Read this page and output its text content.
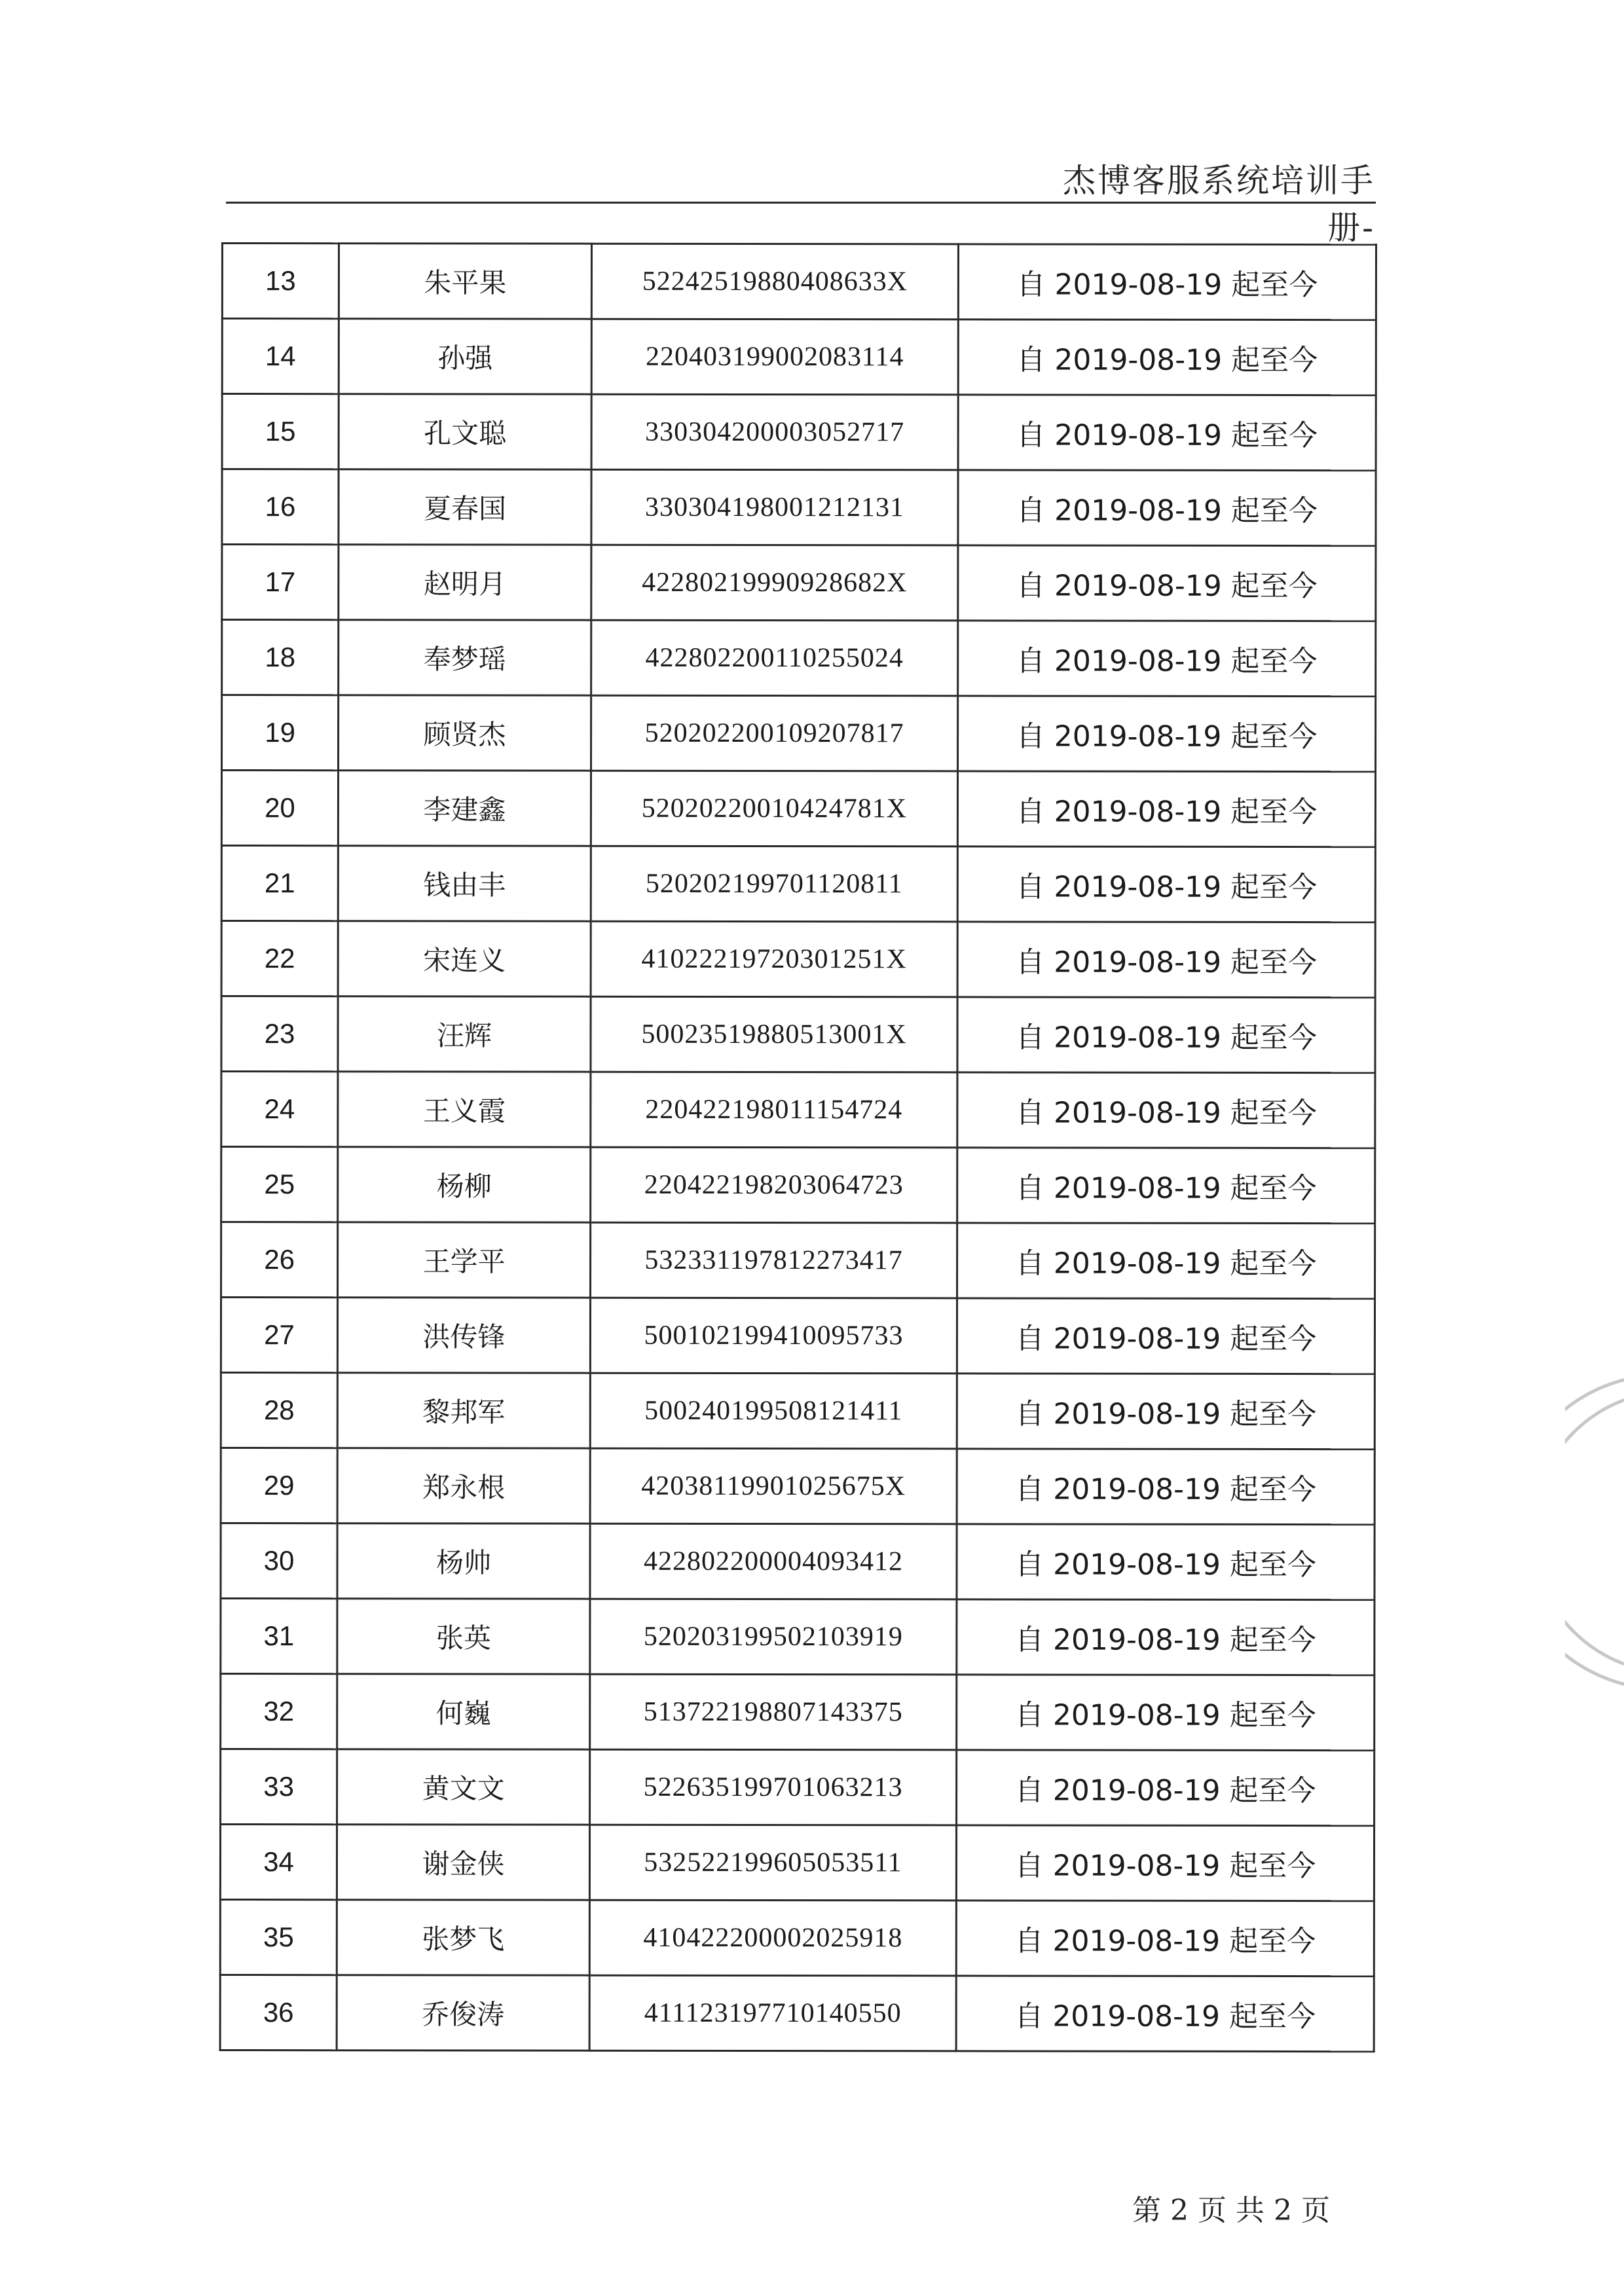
杰博客服系统培训手册-
13	朱平果	52242519880408633X	自 2019-08-19 起至今
14	孙强	220403199002083114	自 2019-08-19 起至今
15	孔文聪	330304200003052717	自 2019-08-19 起至今
16	夏春国	330304198001212131	自 2019-08-19 起至今
17	赵明月	42280219990928682X	自 2019-08-19 起至今
18	奉梦瑶	422802200110255024	自 2019-08-19 起至今
19	顾贤杰	520202200109207817	自 2019-08-19 起至今
20	李建鑫	52020220010424781X	自 2019-08-19 起至今
21	钱由丰	520202199701120811	自 2019-08-19 起至今
22	宋连义	41022219720301251X	自 2019-08-19 起至今
23	汪辉	50023519880513001X	自 2019-08-19 起至今
24	王义霞	220422198011154724	自 2019-08-19 起至今
25	杨柳	220422198203064723	自 2019-08-19 起至今
26	王学平	532331197812273417	自 2019-08-19 起至今
27	洪传锋	500102199410095733	自 2019-08-19 起至今
28	黎邦军	500240199508121411	自 2019-08-19 起至今
29	郑永根	42038119901025675X	自 2019-08-19 起至今
30	杨帅	422802200004093412	自 2019-08-19 起至今
31	张英	520203199502103919	自 2019-08-19 起至今
32	何巍	513722198807143375	自 2019-08-19 起至今
33	黄文文	522635199701063213	自 2019-08-19 起至今
34	谢金侠	532522199605053511	自 2019-08-19 起至今
35	张梦飞	410422200002025918	自 2019-08-19 起至今
36	乔俊涛	411123197710140550	自 2019-08-19 起至今
第 2 页 共 2 页
